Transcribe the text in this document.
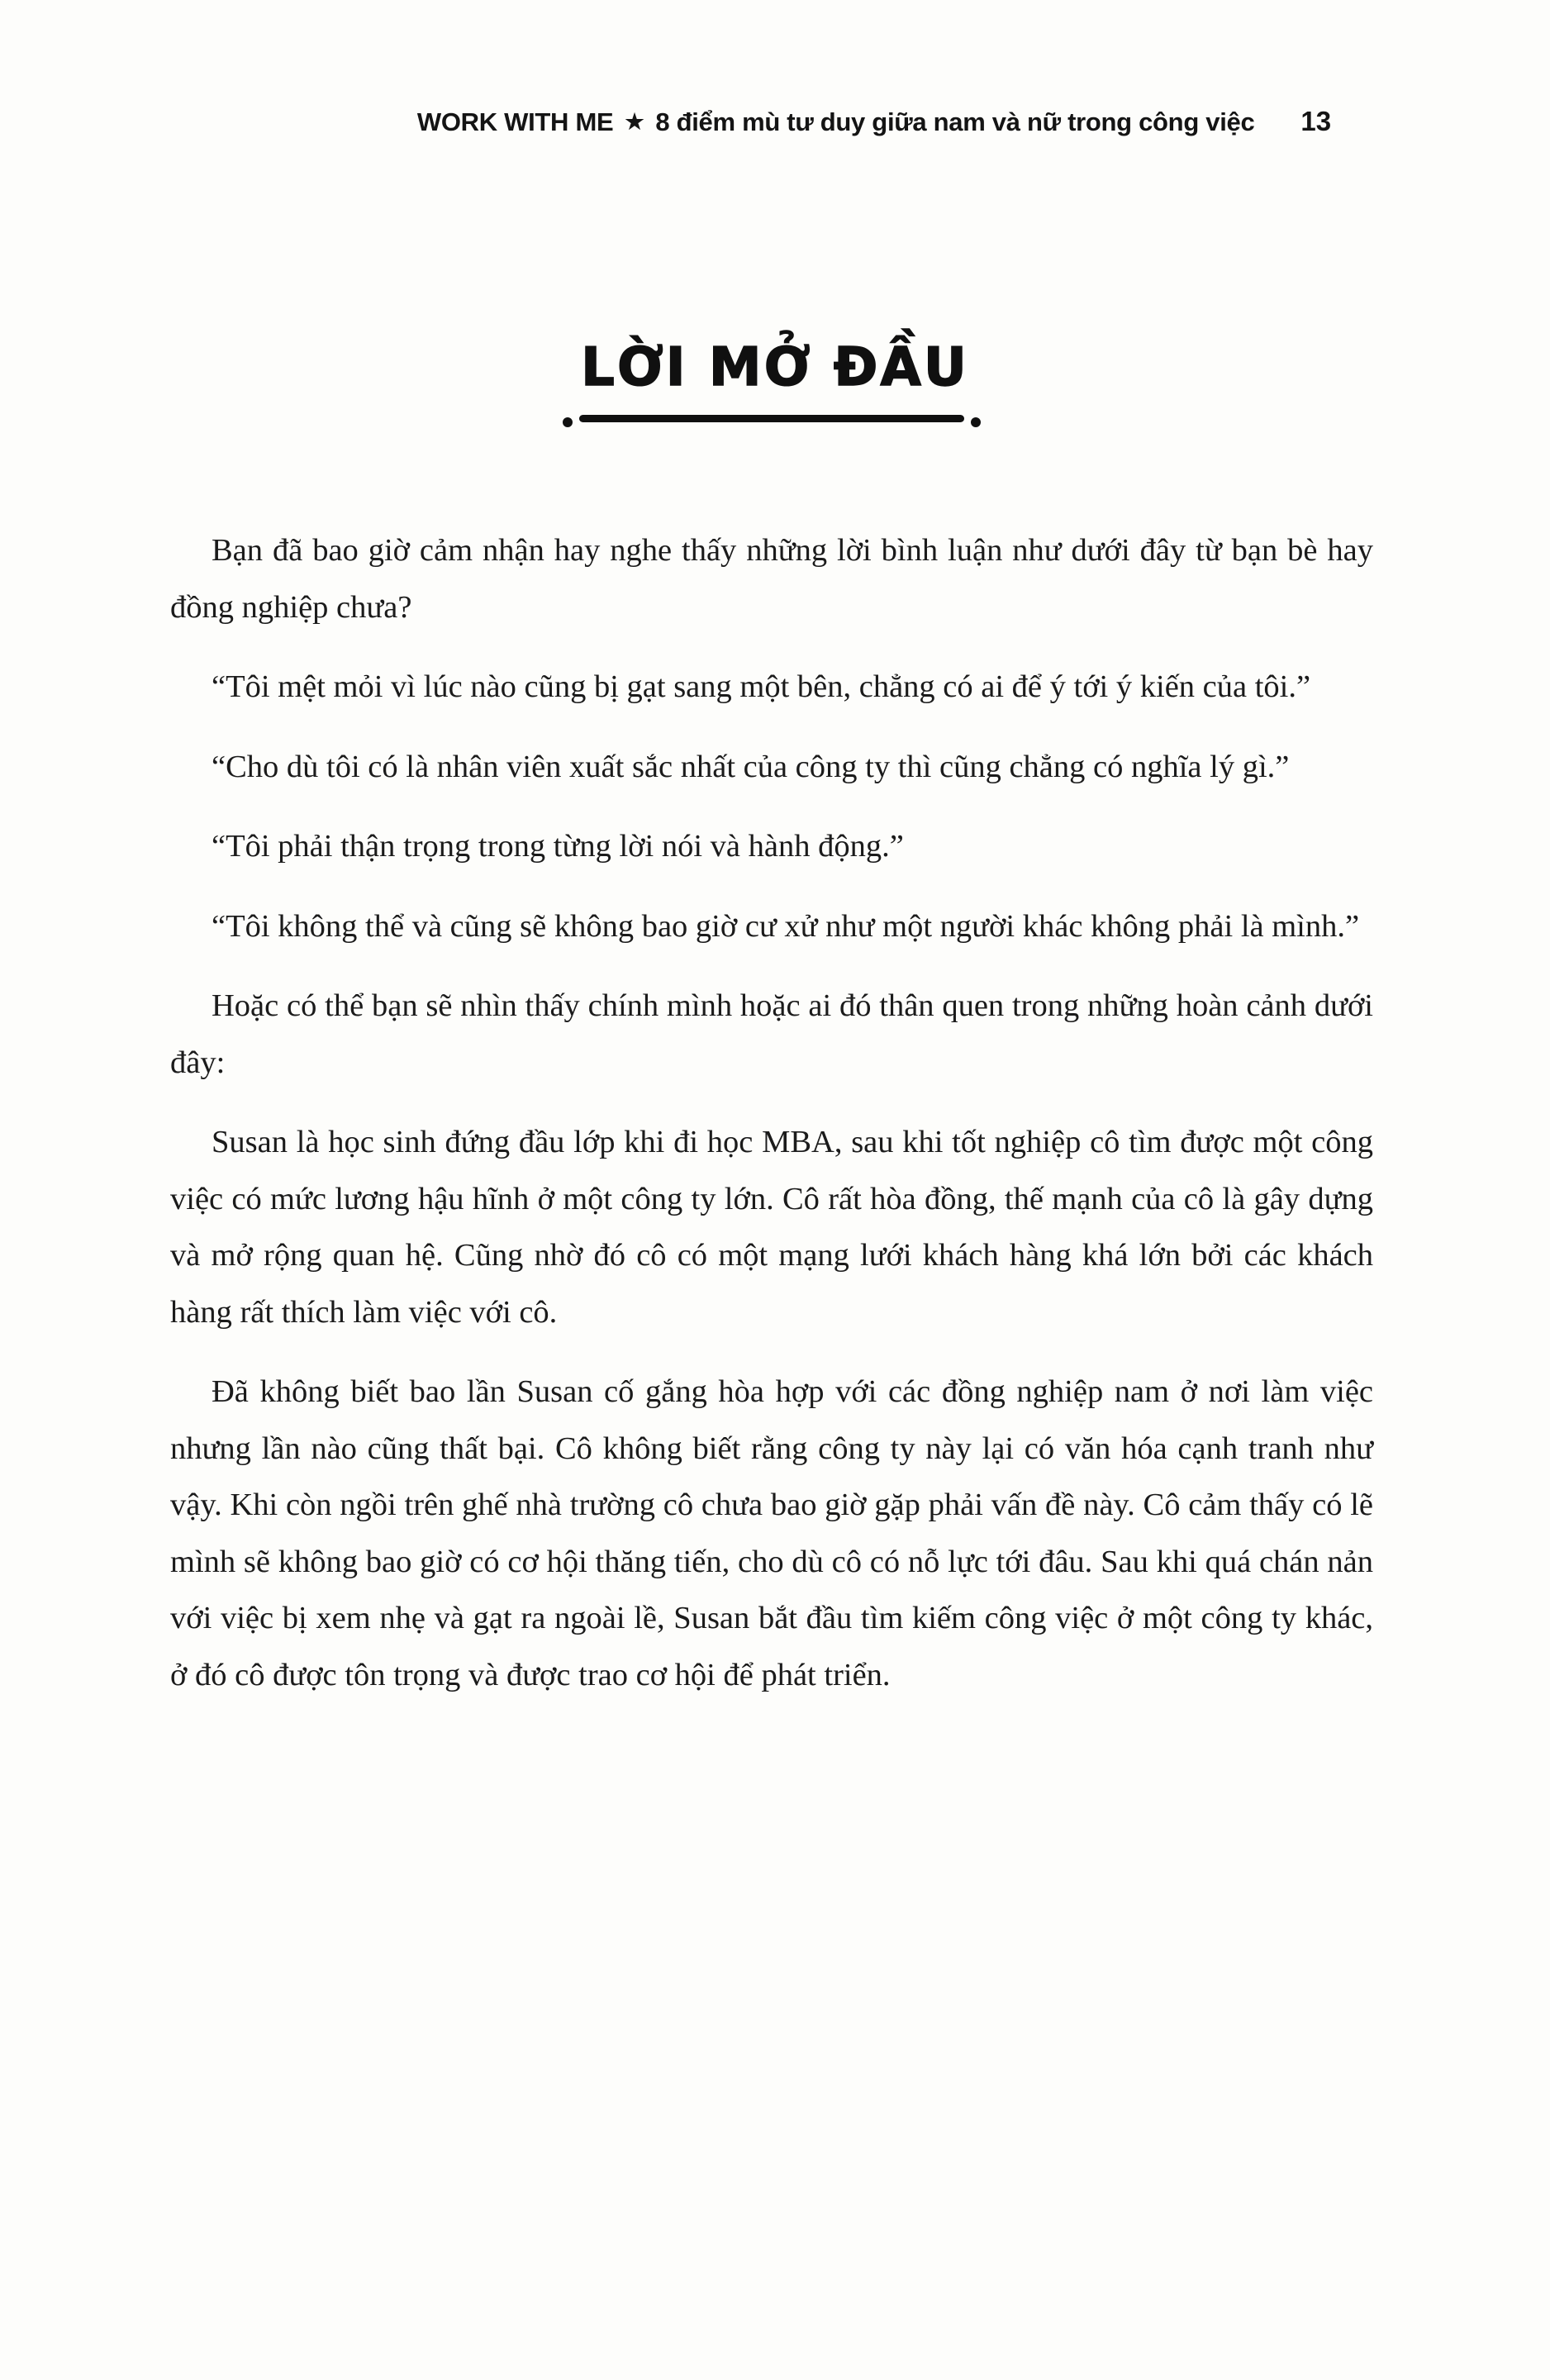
WORK WITH ME ★ 8 điểm mù tư duy giữa nam và nữ trong công việc 13
LỜI MỞ ĐẦU

Bạn đã bao giờ cảm nhận hay nghe thấy những lời bình luận như dưới đây từ bạn bè hay đồng nghiệp chưa?

“Tôi mệt mỏi vì lúc nào cũng bị gạt sang một bên, chẳng có ai để ý tới ý kiến của tôi.”

“Cho dù tôi có là nhân viên xuất sắc nhất của công ty thì cũng chẳng có nghĩa lý gì.”

“Tôi phải thận trọng trong từng lời nói và hành động.”

“Tôi không thể và cũng sẽ không bao giờ cư xử như một người khác không phải là mình.”

Hoặc có thể bạn sẽ nhìn thấy chính mình hoặc ai đó thân quen trong những hoàn cảnh dưới đây:

Susan là học sinh đứng đầu lớp khi đi học MBA, sau khi tốt nghiệp cô tìm được một công việc có mức lương hậu hĩnh ở một công ty lớn. Cô rất hòa đồng, thế mạnh của cô là gây dựng và mở rộng quan hệ. Cũng nhờ đó cô có một mạng lưới khách hàng khá lớn bởi các khách hàng rất thích làm việc với cô.

Đã không biết bao lần Susan cố gắng hòa hợp với các đồng nghiệp nam ở nơi làm việc nhưng lần nào cũng thất bại. Cô không biết rằng công ty này lại có văn hóa cạnh tranh như vậy. Khi còn ngồi trên ghế nhà trường cô chưa bao giờ gặp phải vấn đề này. Cô cảm thấy có lẽ mình sẽ không bao giờ có cơ hội thăng tiến, cho dù cô có nỗ lực tới đâu. Sau khi quá chán nản với việc bị xem nhẹ và gạt ra ngoài lề, Susan bắt đầu tìm kiếm công việc ở một công ty khác, ở đó cô được tôn trọng và được trao cơ hội để phát triển.
